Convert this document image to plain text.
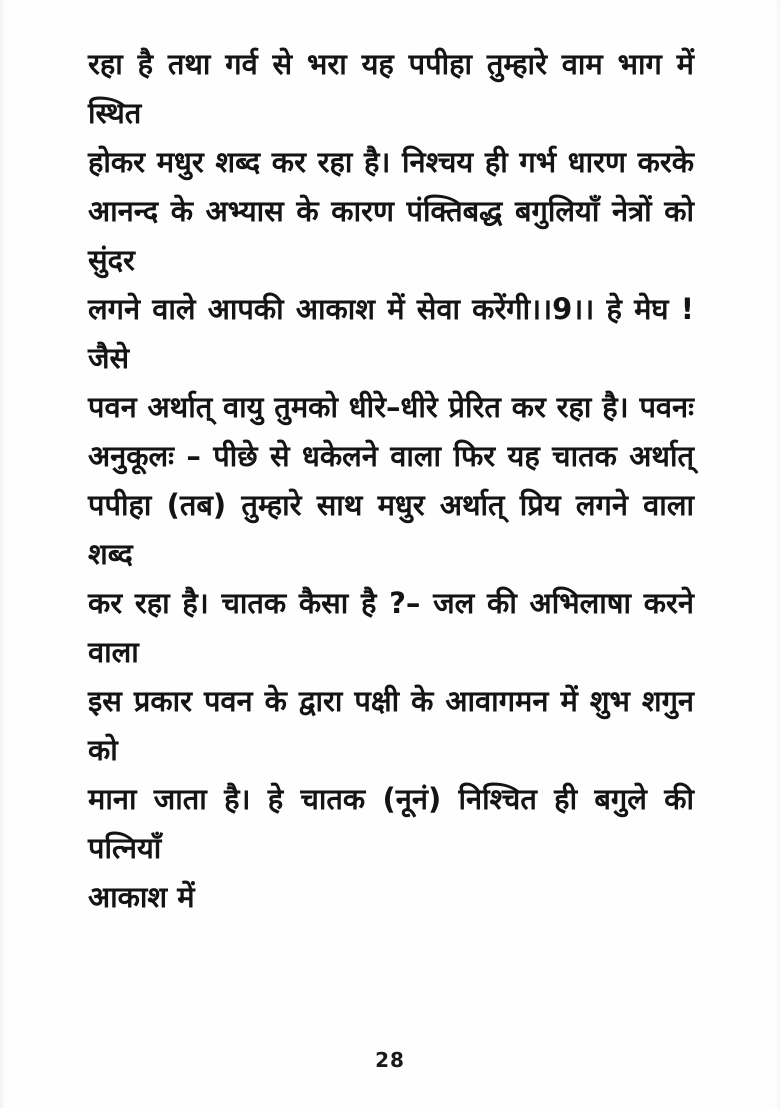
रहा है तथा गर्व से भरा यह पपीहा तुम्हारे वाम भाग में स्थित
होकर मधुर शब्द कर रहा है। निश्चय ही गर्भ धारण करके
आनन्द के अभ्यास के कारण पंक्तिबद्ध बगुलियाँ नेत्रों को सुंदर
लगने वाले आपकी आकाश में सेवा करेंगी।।9।। हे मेघ ! जैसे
पवन अर्थात् वायु तुमको धीरे–धीरे प्रेरित कर रहा है। पवनः
अनुकूलः – पीछे से धकेलने वाला फिर यह चातक अर्थात्
पपीहा (तब) तुम्हारे साथ मधुर अर्थात् प्रिय लगने वाला शब्द
कर रहा है। चातक कैसा है ?– जल की अभिलाषा करने वाला
इस प्रकार पवन के द्वारा पक्षी के आवागमन में शुभ शगुन को
माना जाता है। हे चातक (नूनं) निश्चित ही बगुले की पत्नियाँ
आकाश में
28
